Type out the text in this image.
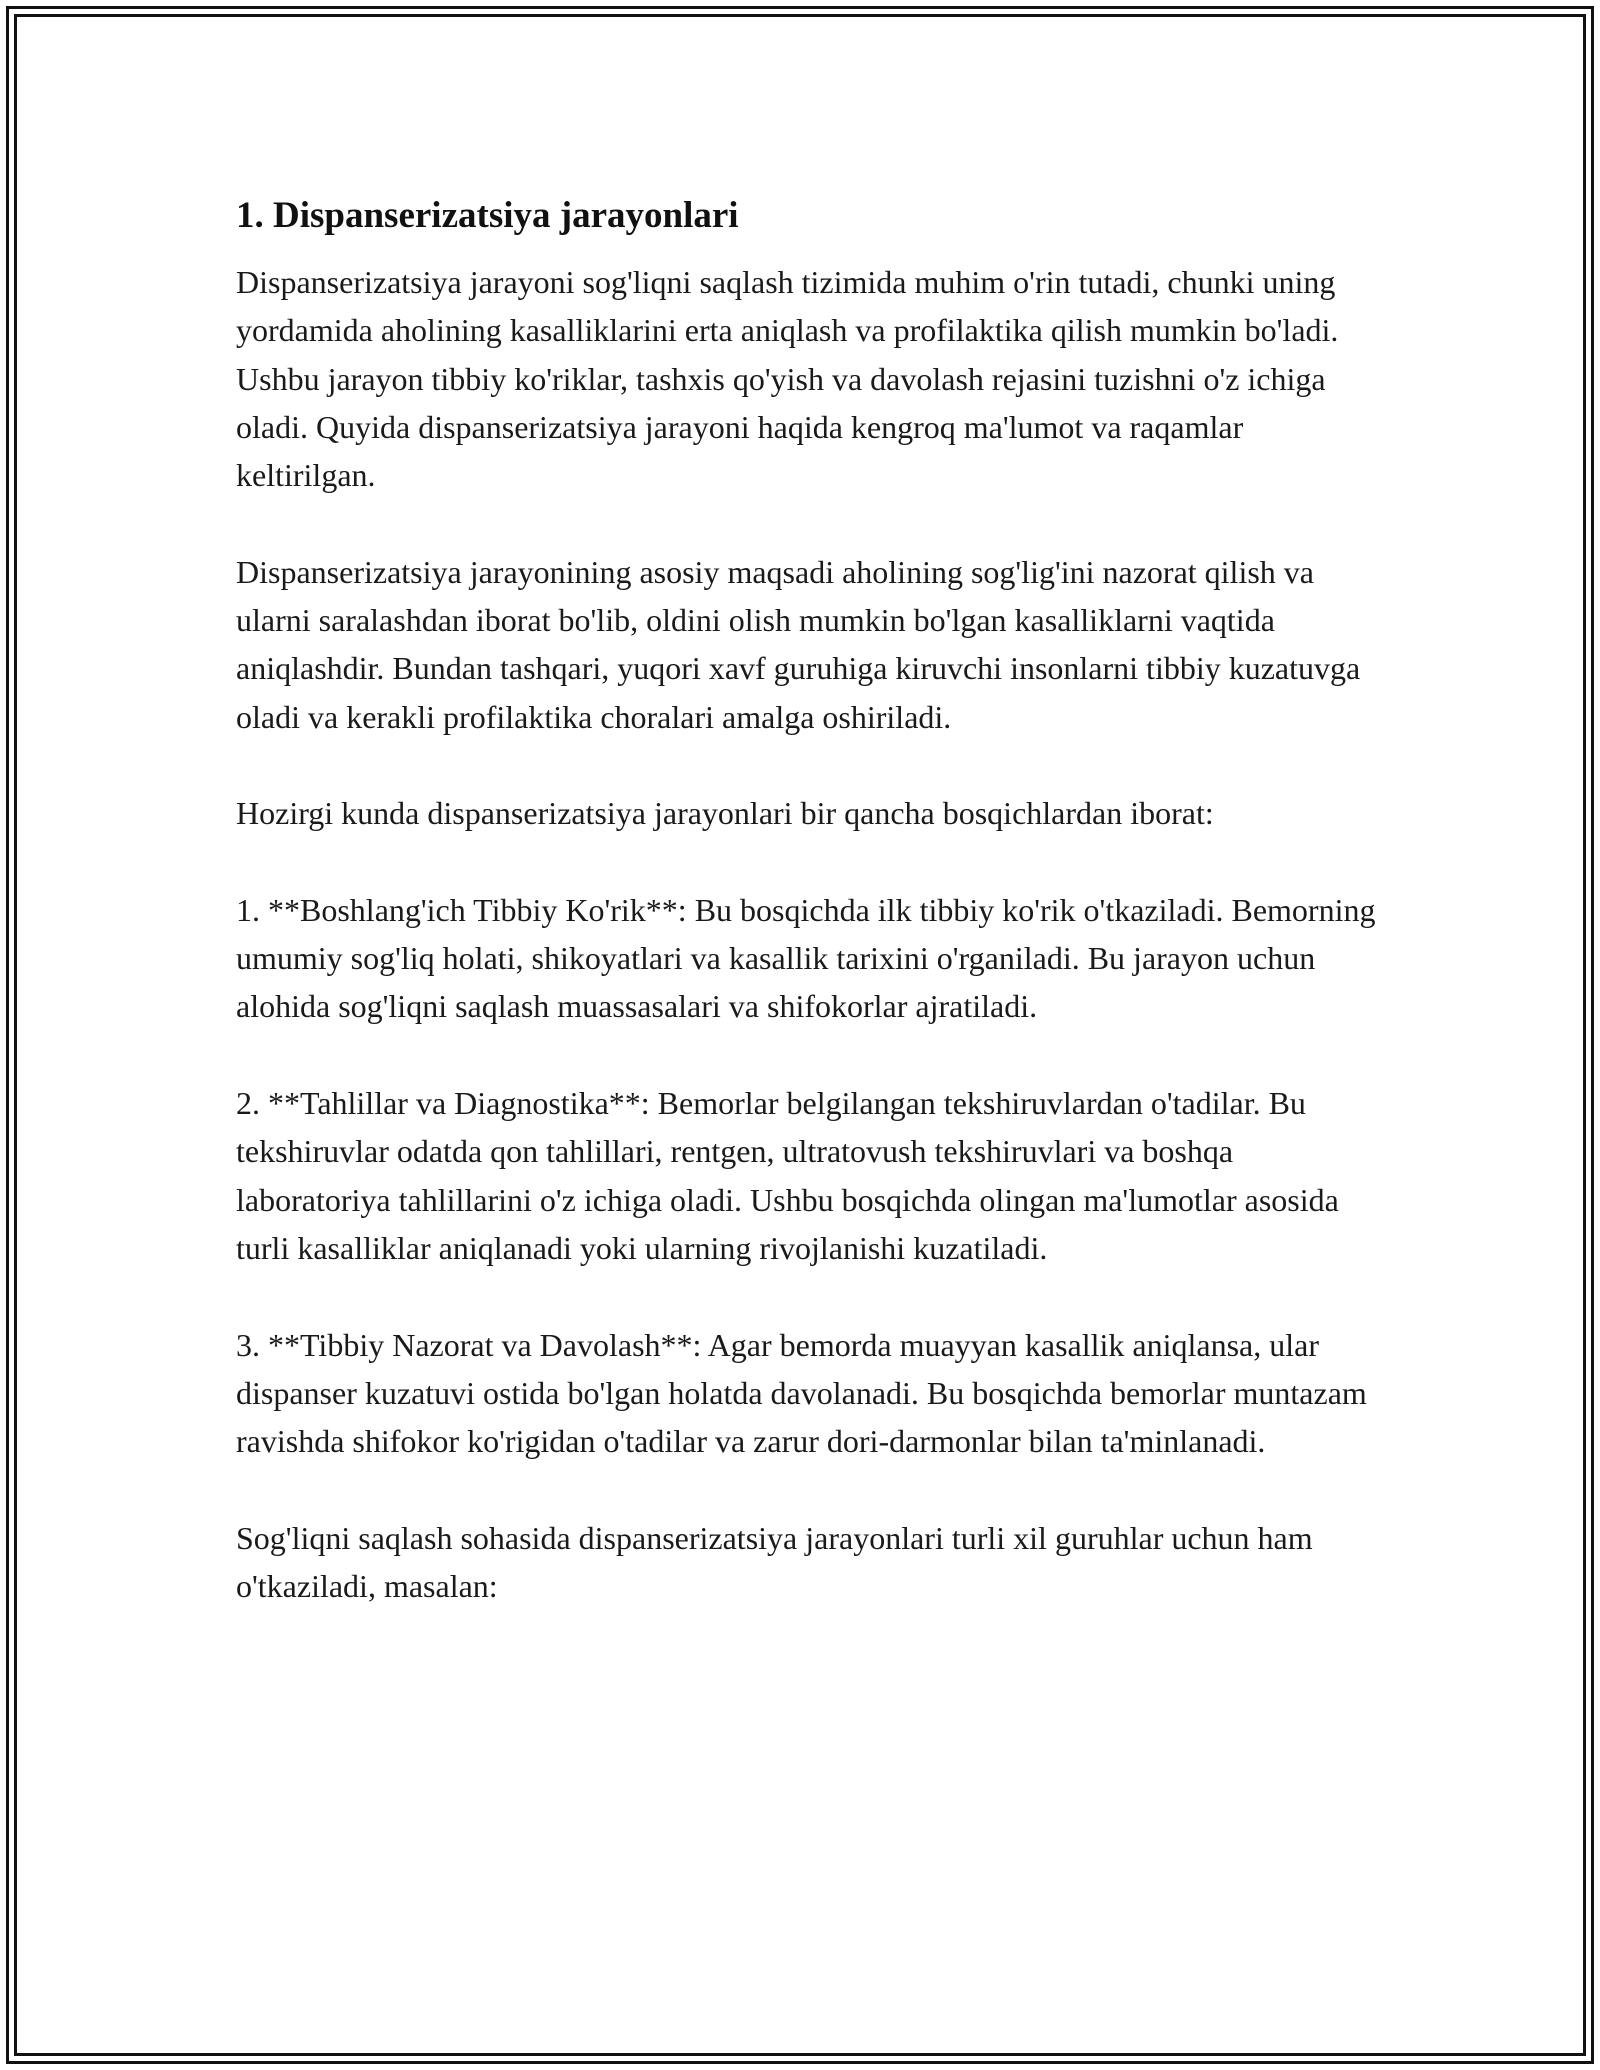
1. Dispanserizatsiya jarayonlari

Dispanserizatsiya jarayoni sog'liqni saqlash tizimida muhim o'rin tutadi, chunki uning yordamida aholining kasalliklarini erta aniqlash va profilaktika qilish mumkin bo'ladi. Ushbu jarayon tibbiy ko'riklar, tashxis qo'yish va davolash rejasini tuzishni o'z ichiga oladi. Quyida dispanserizatsiya jarayoni haqida kengroq ma'lumot va raqamlar keltirilgan.

Dispanserizatsiya jarayonining asosiy maqsadi aholining sog'lig'ini nazorat qilish va ularni saralashdan iborat bo'lib, oldini olish mumkin bo'lgan kasalliklarni vaqtida aniqlashdir. Bundan tashqari, yuqori xavf guruhiga kiruvchi insonlarni tibbiy kuzatuvga oladi va kerakli profilaktika choralari amalga oshiriladi.

Hozirgi kunda dispanserizatsiya jarayonlari bir qancha bosqichlardan iborat:

1. **Boshlang'ich Tibbiy Ko'rik**: Bu bosqichda ilk tibbiy ko'rik o'tkaziladi. Bemorning umumiy sog'liq holati, shikoyatlari va kasallik tarixini o'rganiladi. Bu jarayon uchun alohida sog'liqni saqlash muassasalari va shifokorlar ajratiladi.

2. **Tahlillar va Diagnostika**: Bemorlar belgilangan tekshiruvlardan o'tadilar. Bu tekshiruvlar odatda qon tahlillari, rentgen, ultratovush tekshiruvlari va boshqa laboratoriya tahlillarini o'z ichiga oladi. Ushbu bosqichda olingan ma'lumotlar asosida turli kasalliklar aniqlanadi yoki ularning rivojlanishi kuzatiladi.

3. **Tibbiy Nazorat va Davolash**: Agar bemorda muayyan kasallik aniqlansa, ular dispanser kuzatuvi ostida bo'lgan holatda davolanadi. Bu bosqichda bemorlar muntazam ravishda shifokor ko'rigidan o'tadilar va zarur dori-darmonlar bilan ta'minlanadi.

Sog'liqni saqlash sohasida dispanserizatsiya jarayonlari turli xil guruhlar uchun ham o'tkaziladi, masalan:
